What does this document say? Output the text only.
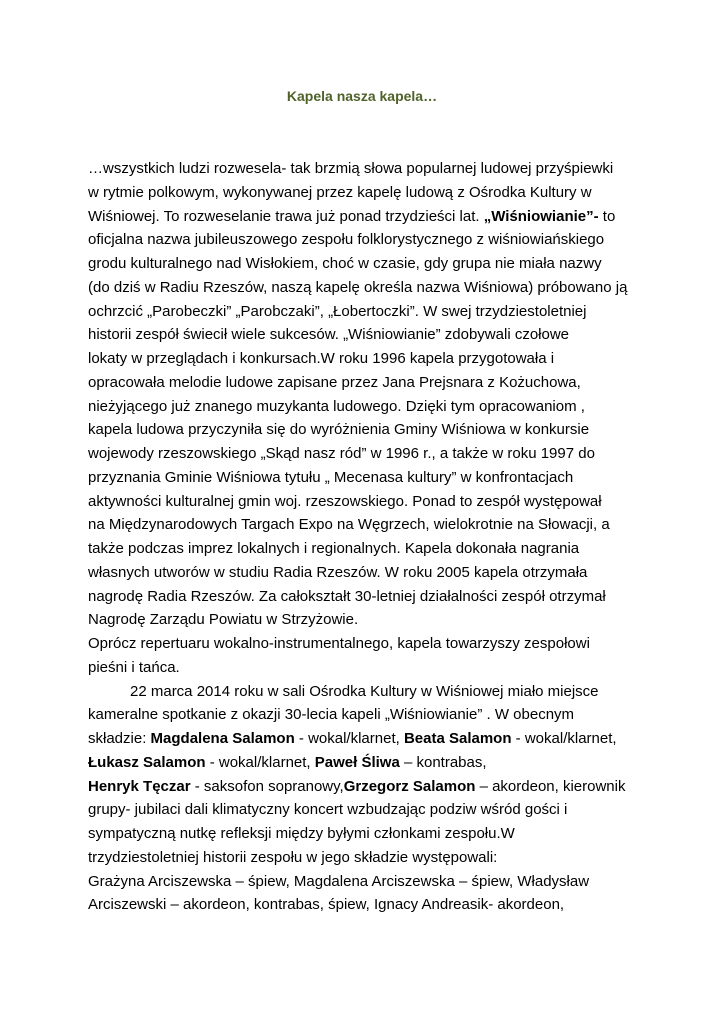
Kapela nasza kapela…
…wszystkich ludzi rozwesela- tak brzmią słowa popularnej ludowej przyśpiewki
w rytmie polkowym, wykonywanej przez kapelę ludową z Ośrodka Kultury w
Wiśniowej. To rozweselanie trawa już ponad trzydzieści lat. „Wiśniowianie”- to
oficjalna nazwa jubileuszowego zespołu folklorystycznego z wiśniowiańskiego
grodu kulturalnego nad Wisłokiem, choć w czasie, gdy grupa nie miała nazwy
(do dziś w Radiu Rzeszów, naszą kapelę określa nazwa Wiśniowa) próbowano ją
ochrzcić „Parobeczki” „Parobczaki”, „Łobertoczki”. W swej trzydziestoletniej
historii zespół świecił wiele sukcesów. „Wiśniowianie” zdobywali czołowe
lokaty w przeglądach i konkursach.W roku 1996 kapela przygotowała i
opracowała melodie ludowe zapisane przez Jana Prejsnara z Kożuchowa,
nieżyjącego już znanego muzykanta ludowego. Dzięki tym opracowaniom ,
kapela ludowa przyczyniła się do wyróżnienia Gminy Wiśniowa w konkursie
wojewody rzeszowskiego „Skąd nasz ród” w 1996 r., a także w roku 1997 do
przyznania Gminie Wiśniowa tytułu „ Mecenasa kultury” w konfrontacjach
aktywności kulturalnej gmin woj. rzeszowskiego. Ponad to zespół występował
na Międzynarodowych Targach Expo na Węgrzech, wielokrotnie na Słowacji, a
także podczas imprez lokalnych i regionalnych. Kapela dokonała nagrania
własnych utworów w studiu Radia Rzeszów. W roku 2005 kapela otrzymała
nagrodę Radia Rzeszów. Za całokształt 30-letniej działalności zespół otrzymał
Nagrodę Zarządu Powiatu w Strzyżowie.
Oprócz repertuaru wokalno-instrumentalnego, kapela towarzyszy zespołowi
pieśni i tańca.
22 marca 2014 roku w sali Ośrodka Kultury w Wiśniowej miało miejsce
kameralne spotkanie z okazji 30-lecia kapeli „Wiśniowianie” . W obecnym
składzie: Magdalena Salamon - wokal/klarnet, Beata Salamon - wokal/klarnet,
Łukasz Salamon - wokal/klarnet, Paweł Śliwa – kontrabas,
Henryk Tęczar - saksofon sopranowy,Grzegorz Salamon – akordeon, kierownik
grupy- jubilaci dali klimatyczny koncert wzbudzając podziw wśród gości i
sympatyczną nutkę refleksji między byłymi członkami zespołu.W
trzydziestoletniej historii zespołu w jego składzie występowali:
Grażyna Arciszewska – śpiew, Magdalena Arciszewska – śpiew, Władysław
Arciszewski – akordeon, kontrabas, śpiew, Ignacy Andreasik- akordeon,
